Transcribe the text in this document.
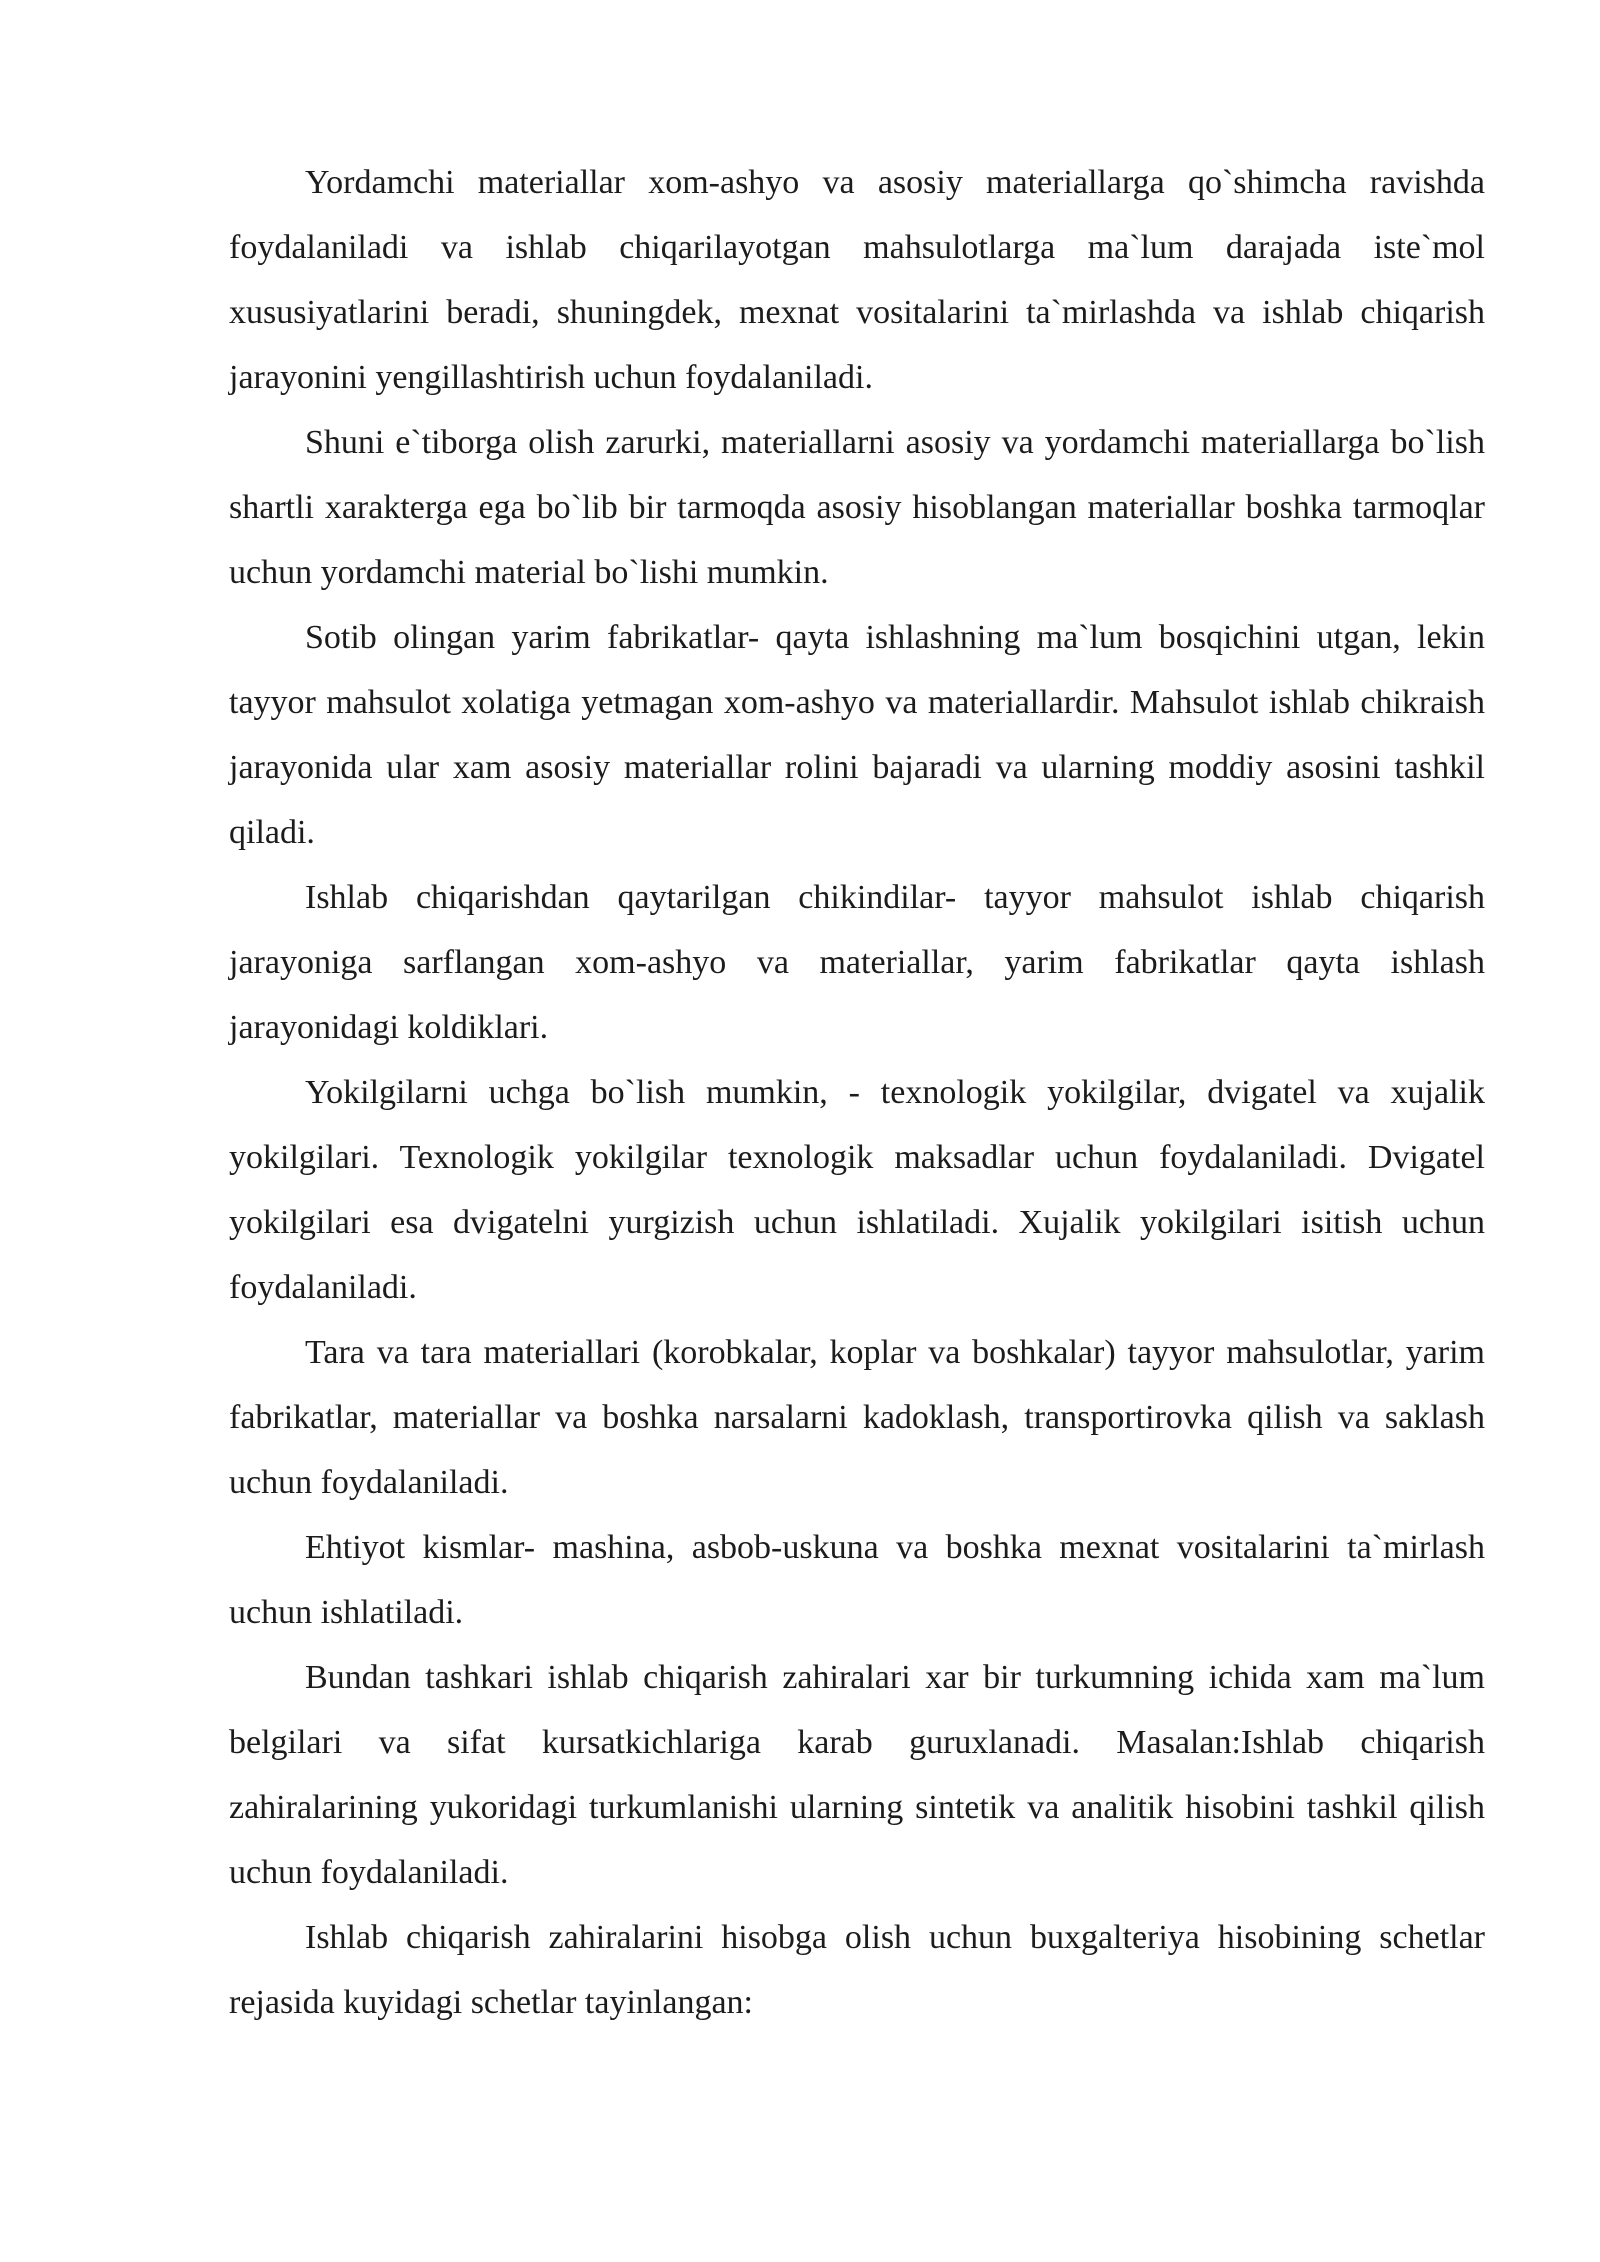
Yordamchi materiallar xom-ashyo va asosiy materiallarga qo`shimcha ravishda foydalaniladi va ishlab chiqarilayotgan mahsulotlarga ma`lum darajada iste`mol xususiyatlarini beradi, shuningdek, mexnat vositalarini ta`mirlashda va ishlab chiqarish jarayonini yengillashtirish uchun foydalaniladi.

Shuni e`tiborga olish zarurki, materiallarni asosiy va yordamchi materiallarga bo`lish shartli xarakterga ega bo`lib bir tarmoqda asosiy hisoblangan materiallar boshka tarmoqlar uchun yordamchi material bo`lishi mumkin.

Sotib olingan yarim fabrikatlar- qayta ishlashning ma`lum bosqichini utgan, lekin tayyor mahsulot xolatiga yetmagan xom-ashyo va materiallardir. Mahsulot ishlab chikraish jarayonida ular xam asosiy materiallar rolini bajaradi va ularning moddiy asosini tashkil qiladi.

Ishlab chiqarishdan qaytarilgan chikindilar- tayyor mahsulot ishlab chiqarish jarayoniga sarflangan xom-ashyo va materiallar, yarim fabrikatlar qayta ishlash jarayonidagi koldiklari.

Yokilgilarni uchga bo`lish mumkin, - texnologik yokilgilar, dvigatel va xujalik yokilgilari. Texnologik yokilgilar texnologik maksadlar uchun foydalaniladi. Dvigatel yokilgilari esa dvigatelni yurgizish uchun ishlatiladi. Xujalik yokilgilari isitish uchun foydalaniladi.

Tara va tara materiallari (korobkalar, koplar va boshkalar) tayyor mahsulotlar, yarim fabrikatlar, materiallar va boshka narsalarni kadoklash, transportirovka qilish va saklash uchun foydalaniladi.

Ehtiyot kismlar- mashina, asbob-uskuna va boshka mexnat vositalarini ta`mirlash uchun ishlatiladi.

Bundan tashkari ishlab chiqarish zahiralari xar bir turkumning ichida xam ma`lum belgilari va sifat kursatkichlariga karab guruxlanadi. Masalan:Ishlab chiqarish zahiralarining yukoridagi turkumlanishi ularning sintetik va analitik hisobini tashkil qilish uchun foydalaniladi.

Ishlab chiqarish zahiralarini hisobga olish uchun buxgalteriya hisobining schetlar rejasida kuyidagi schetlar tayinlangan:
